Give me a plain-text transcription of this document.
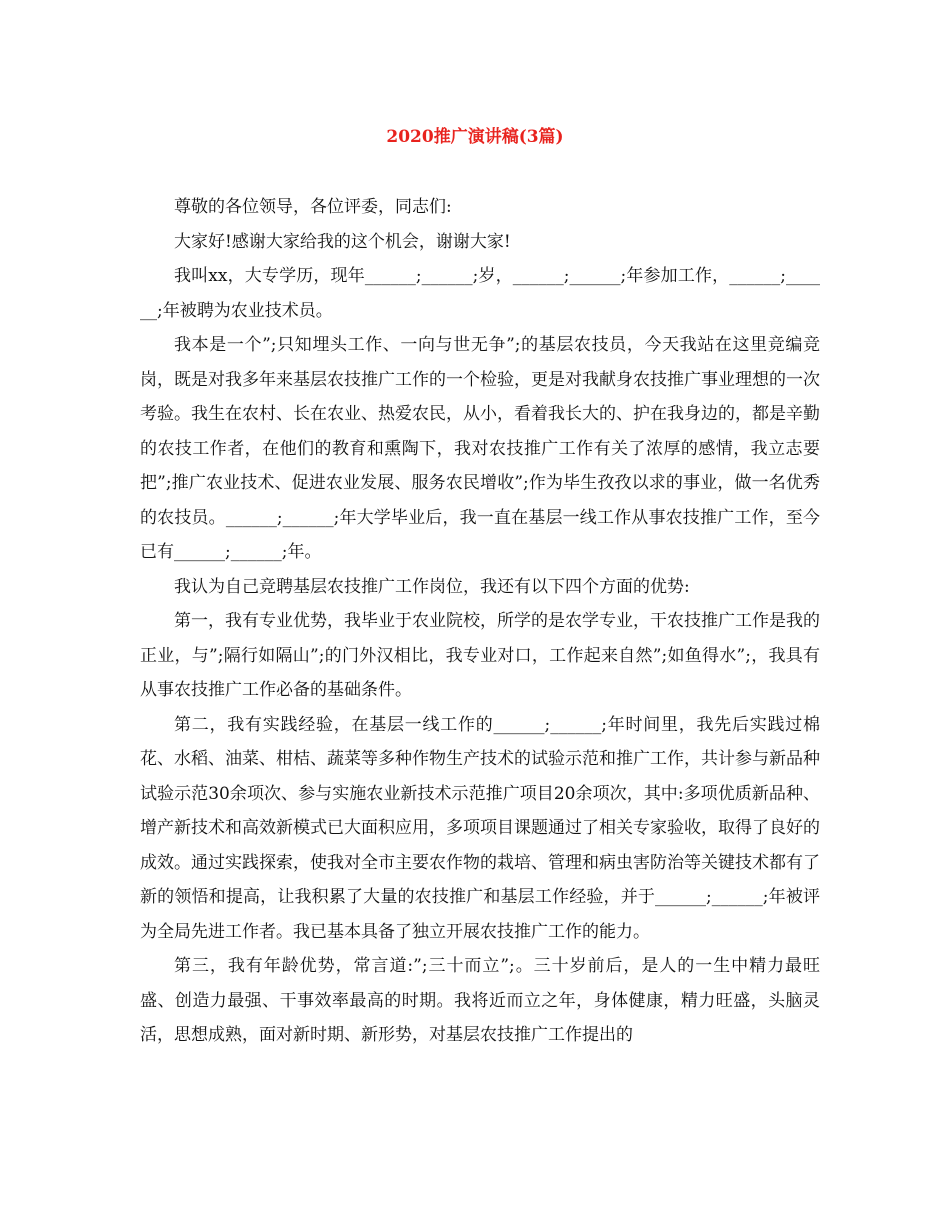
2020推广演讲稿(3篇)

尊敬的各位领导，各位评委，同志们:

大家好!感谢大家给我的这个机会，谢谢大家!

我叫xx，大专学历，现年______;______;岁，______;______;年参加工作，______;______;年被聘为农业技术员。

我本是一个”;只知埋头工作、一向与世无争”;的基层农技员，今天我站在这里竞编竞岗，既是对我多年来基层农技推广工作的一个检验，更是对我献身农技推广事业理想的一次考验。我生在农村、长在农业、热爱农民，从小，看着我长大的、护在我身边的，都是辛勤的农技工作者，在他们的教育和熏陶下，我对农技推广工作有关了浓厚的感情，我立志要把”;推广农业技术、促进农业发展、服务农民增收”;作为毕生孜孜以求的事业，做一名优秀的农技员。______;______;年大学毕业后，我一直在基层一线工作从事农技推广工作，至今已有______;______;年。

我认为自己竞聘基层农技推广工作岗位，我还有以下四个方面的优势:

第一，我有专业优势，我毕业于农业院校，所学的是农学专业，干农技推广工作是我的正业，与”;隔行如隔山”;的门外汉相比，我专业对口，工作起来自然”;如鱼得水”;，我具有从事农技推广工作必备的基础条件。

第二，我有实践经验，在基层一线工作的______;______;年时间里，我先后实践过棉花、水稻、油菜、柑桔、蔬菜等多种作物生产技术的试验示范和推广工作，共计参与新品种试验示范30余项次、参与实施农业新技术示范推广项目20余项次，其中:多项优质新品种、增产新技术和高效新模式已大面积应用，多项项目课题通过了相关专家验收，取得了良好的成效。通过实践探索，使我对全市主要农作物的栽培、管理和病虫害防治等关键技术都有了新的领悟和提高，让我积累了大量的农技推广和基层工作经验，并于______;______;年被评为全局先进工作者。我已基本具备了独立开展农技推广工作的能力。

第三，我有年龄优势，常言道:”;三十而立”;。三十岁前后，是人的一生中精力最旺盛、创造力最强、干事效率最高的时期。我将近而立之年，身体健康，精力旺盛，头脑灵活，思想成熟，面对新时期、新形势，对基层农技推广工作提出的
